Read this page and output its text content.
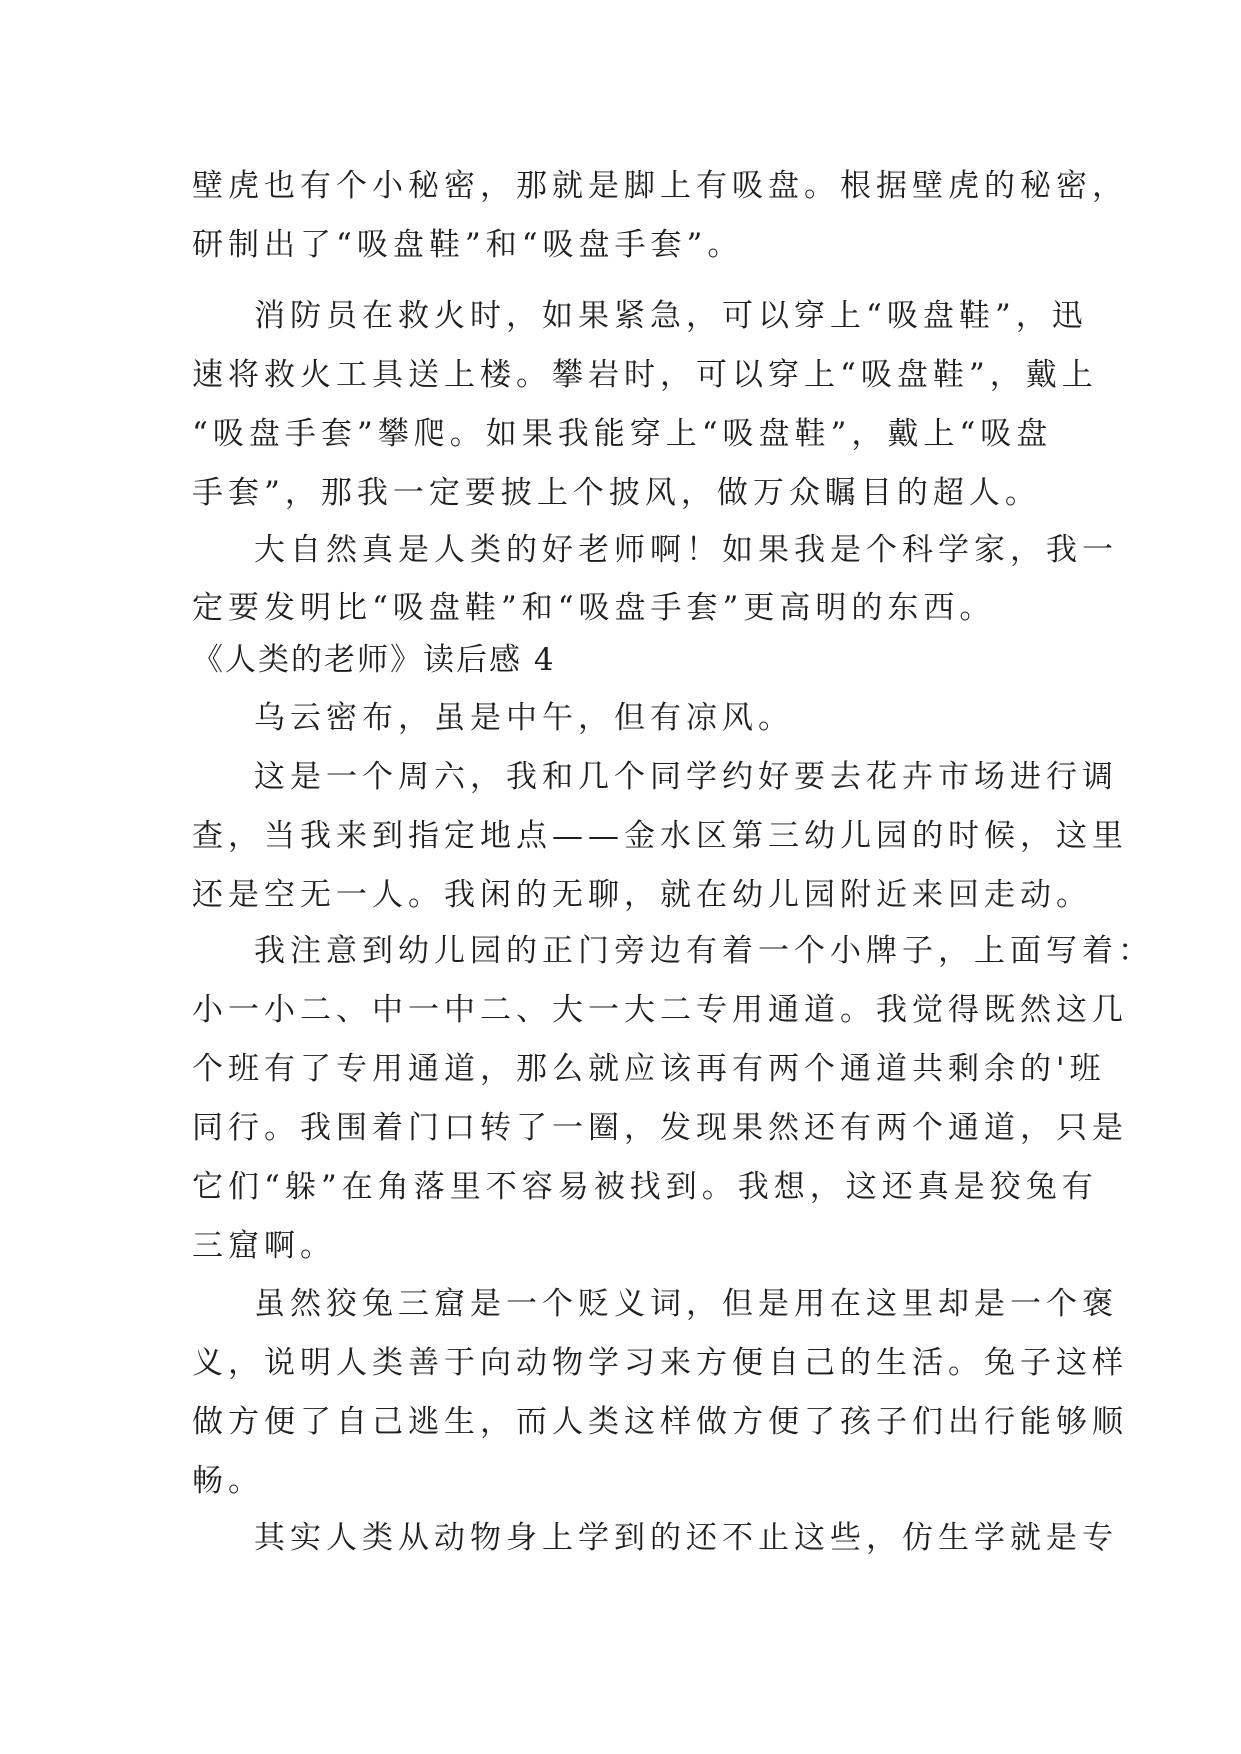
壁虎也有个小秘密，那就是脚上有吸盘。根据壁虎的秘密，
研制出了“吸盘鞋”和“吸盘手套”。
消防员在救火时，如果紧急，可以穿上“吸盘鞋”，迅
速将救火工具送上楼。攀岩时，可以穿上“吸盘鞋”，戴上
“吸盘手套”攀爬。如果我能穿上“吸盘鞋”，戴上“吸盘
手套”，那我一定要披上个披风，做万众瞩目的超人。
大自然真是人类的好老师啊！如果我是个科学家，我一
定要发明比“吸盘鞋”和“吸盘手套”更高明的东西。
《人类的老师》读后感 4
乌云密布，虽是中午，但有凉风。
这是一个周六，我和几个同学约好要去花卉市场进行调
查，当我来到指定地点——金水区第三幼儿园的时候，这里
还是空无一人。我闲的无聊，就在幼儿园附近来回走动。
我注意到幼儿园的正门旁边有着一个小牌子，上面写着：
小一小二、中一中二、大一大二专用通道。我觉得既然这几
个班有了专用通道，那么就应该再有两个通道共剩余的'班
同行。我围着门口转了一圈，发现果然还有两个通道，只是
它们“躲”在角落里不容易被找到。我想，这还真是狡兔有
三窟啊。
虽然狡兔三窟是一个贬义词，但是用在这里却是一个褒
义，说明人类善于向动物学习来方便自己的生活。兔子这样
做方便了自己逃生，而人类这样做方便了孩子们出行能够顺
畅。
其实人类从动物身上学到的还不止这些，仿生学就是专
